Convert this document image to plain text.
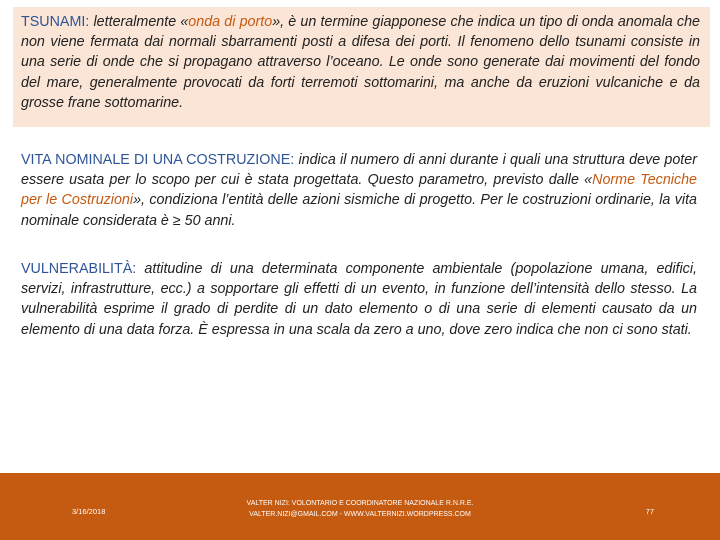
TSUNAMI: letteralmente «onda di porto», è un termine giapponese che indica un tipo di onda anomala che non viene fermata dai normali sbarramenti posti a difesa dei porti. Il fenomeno dello tsunami consiste in una serie di onde che si propagano attraverso l’oceano. Le onde sono generate dai movimenti del fondo del mare, generalmente provocati da forti terremoti sottomarini, ma anche da eruzioni vulcaniche e da grosse frane sottomarine.
VITA NOMINALE DI UNA COSTRUZIONE: indica il numero di anni durante i quali una struttura deve poter essere usata per lo scopo per cui è stata progettata. Questo parametro, previsto dalle «Norme Tecniche per le Costruzioni», condiziona l’entità delle azioni sismiche di progetto. Per le costruzioni ordinarie, la vita nominale considerata è ≥ 50 anni.
VULNERABILITÀ: attitudine di una determinata componente ambientale (popolazione umana, edifici, servizi, infrastrutture, ecc.) a sopportare gli effetti di un evento, in funzione dell’intensità dello stesso. La vulnerabilità esprime il grado di perdite di un dato elemento o di una serie di elementi causato da un elemento di una data forza. È espressa in una scala da zero a uno, dove zero indica che non ci sono stati.
3/16/2018
VALTER NIZI: VOLONTARIO E COORDINATORE NAZIONALE R.N.R.E.
VALTER.NIZI@GMAIL.COM - WWW.VALTERNIZI.WORDPRESS.COM	77
